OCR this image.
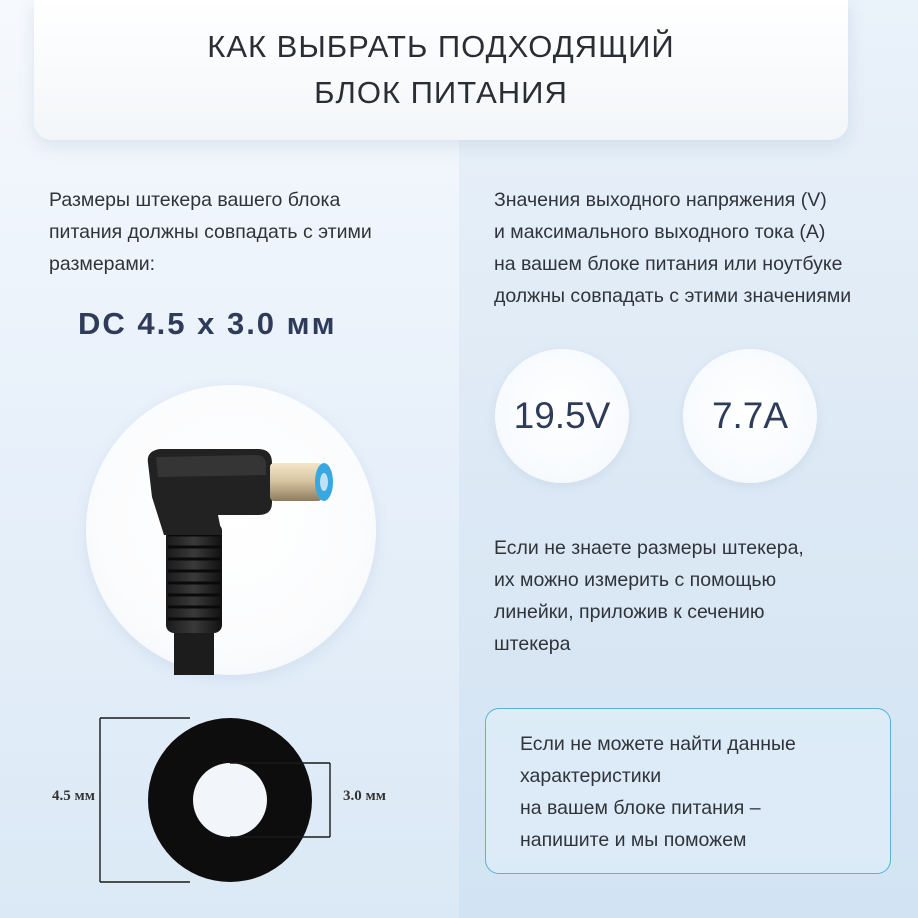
КАК ВЫБРАТЬ ПОДХОДЯЩИЙ
БЛОК ПИТАНИЯ
Размеры штекера вашего блока
питания должны совпадать с этими
размерами:
DC 4.5 x 3.0 мм
4.5 мм	3.0 мм
Значения выходного напряжения (V)
и максимального выходного тока (A)
на вашем блоке питания или ноутбуке
должны совпадать с этими значениями
19.5V	7.7A
Если не знаете размеры штекера,
их можно измерить с помощью
линейки, приложив к сечению
штекера
Если не можете найти данные
характеристики
на вашем блоке питания –
напишите и мы поможем
